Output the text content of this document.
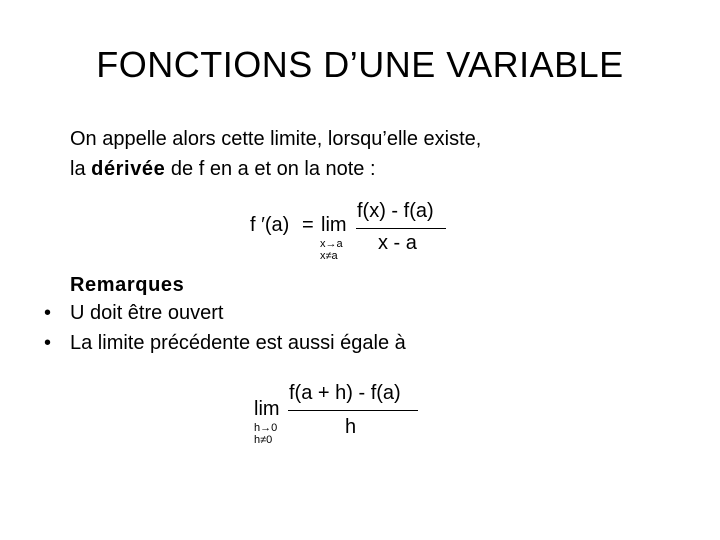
FONCTIONS D’UNE VARIABLE
On appelle alors cette limite, lorsqu’elle existe,
la dérivée de f en a et on la note :
f ′(a) = lim
x→a
x≠a
f(x) - f(a)
x - a
Remarques
• U doit être ouvert
• La limite précédente est aussi égale à
lim
h→0
h≠0
f(a + h) - f(a)
h
